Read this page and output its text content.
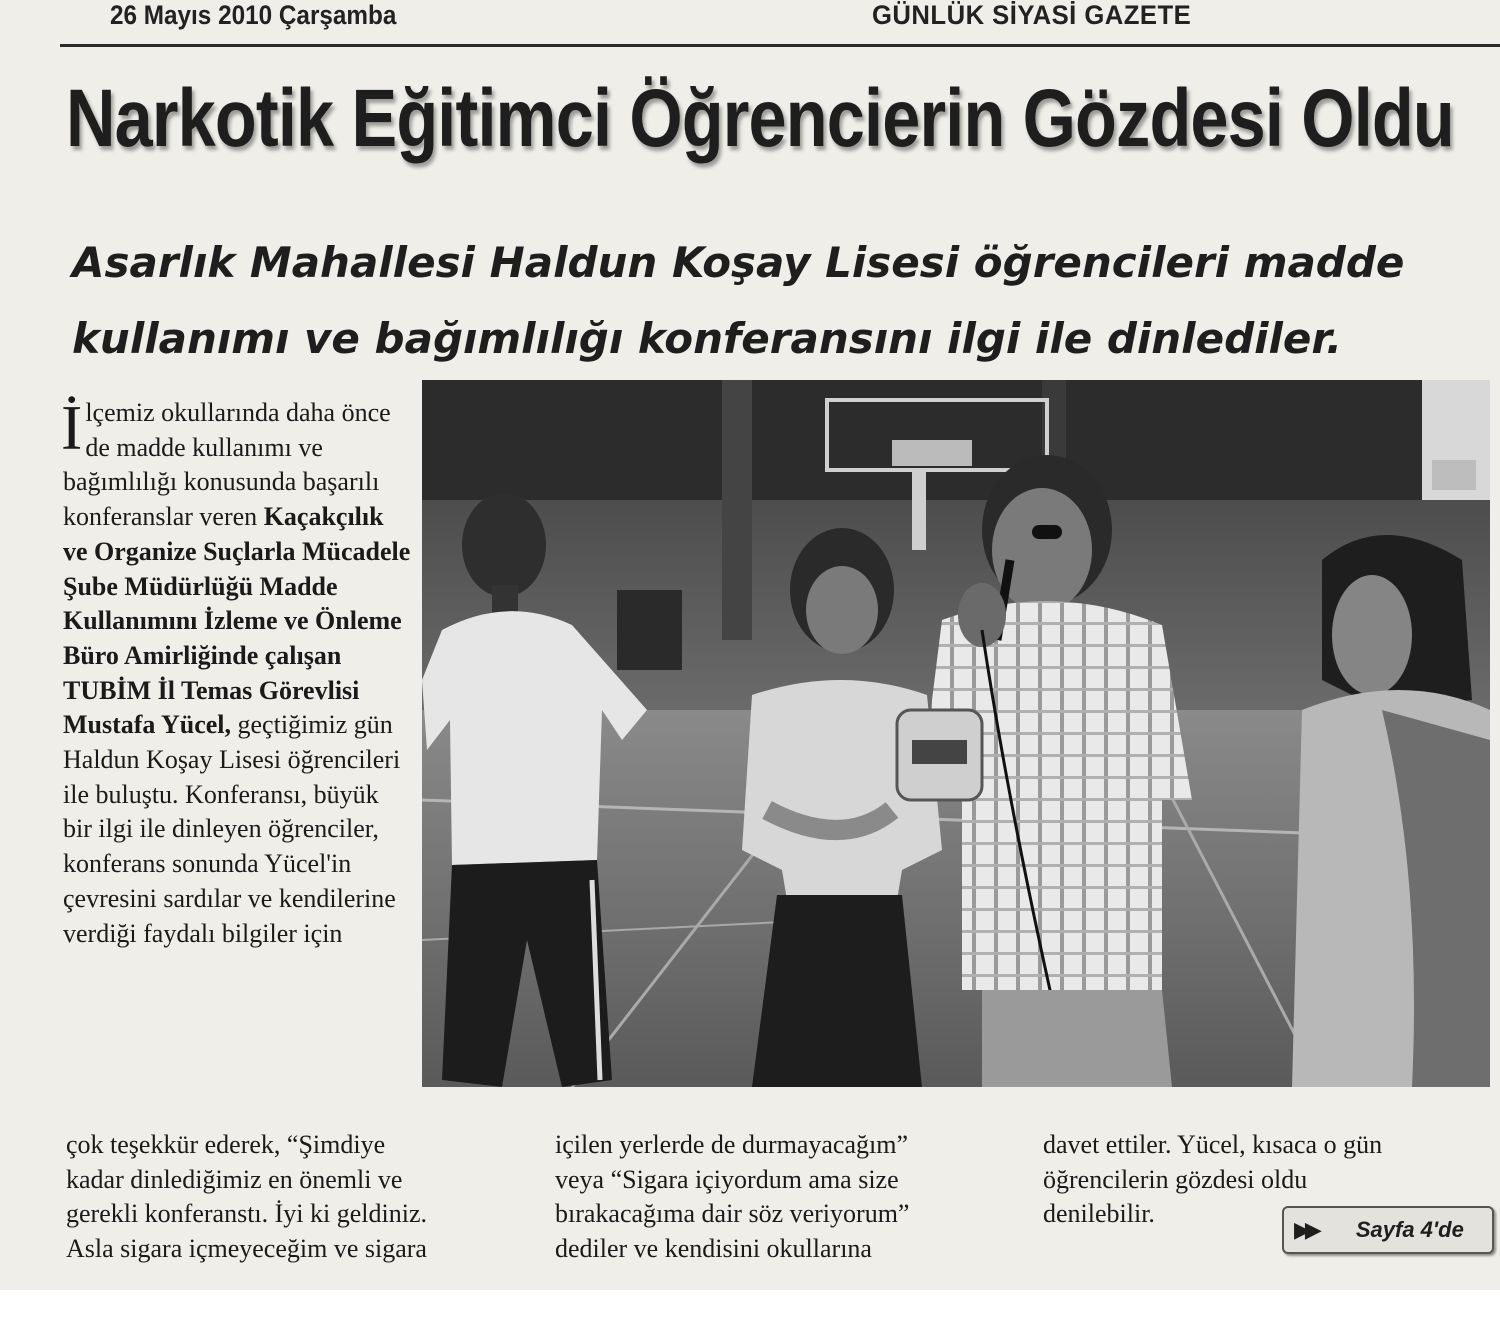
26 Mayıs 2010 Çarşamba	GÜNLÜK SİYASİ GAZETE
Narkotik Eğitimci Öğrencierin Gözdesi Oldu
Asarlık Mahallesi Haldun Koşay Lisesi öğrencileri madde
kullanımı ve bağımlılığı konferansını ilgi ile dinlediler.

İlçemiz okullarında daha önce de madde kullanımı ve bağımlılığı konusunda başarılı konferanslar veren Kaçakçılık ve Organize Suçlarla Mücadele Şube Müdürlüğü Madde Kullanımını İzleme ve Önleme Büro Amirliğinde çalışan TUBİM İl Temas Görevlisi Mustafa Yücel, geçtiğimiz gün Haldun Koşay Lisesi öğrencileri ile buluştu. Konferansı, büyük bir ilgi ile dinleyen öğrenciler, konferans sonunda Yücel'in çevresini sardılar ve kendilerine verdiği faydalı bilgiler için

çok teşekkür ederek, “Şimdiye
kadar dinlediğimiz en önemli ve
gerekli konferanstı. İyi ki geldiniz.
Asla sigara içmeyeceğim ve sigara
içilen yerlerde de durmayacağım”
veya “Sigara içiyordum ama size
bırakacağıma dair söz veriyorum”
dediler ve kendisini okullarına
davet ettiler. Yücel, kısaca o gün
öğrencilerin gözdesi oldu
denilebilir.
▶▶ Sayfa 4'de
